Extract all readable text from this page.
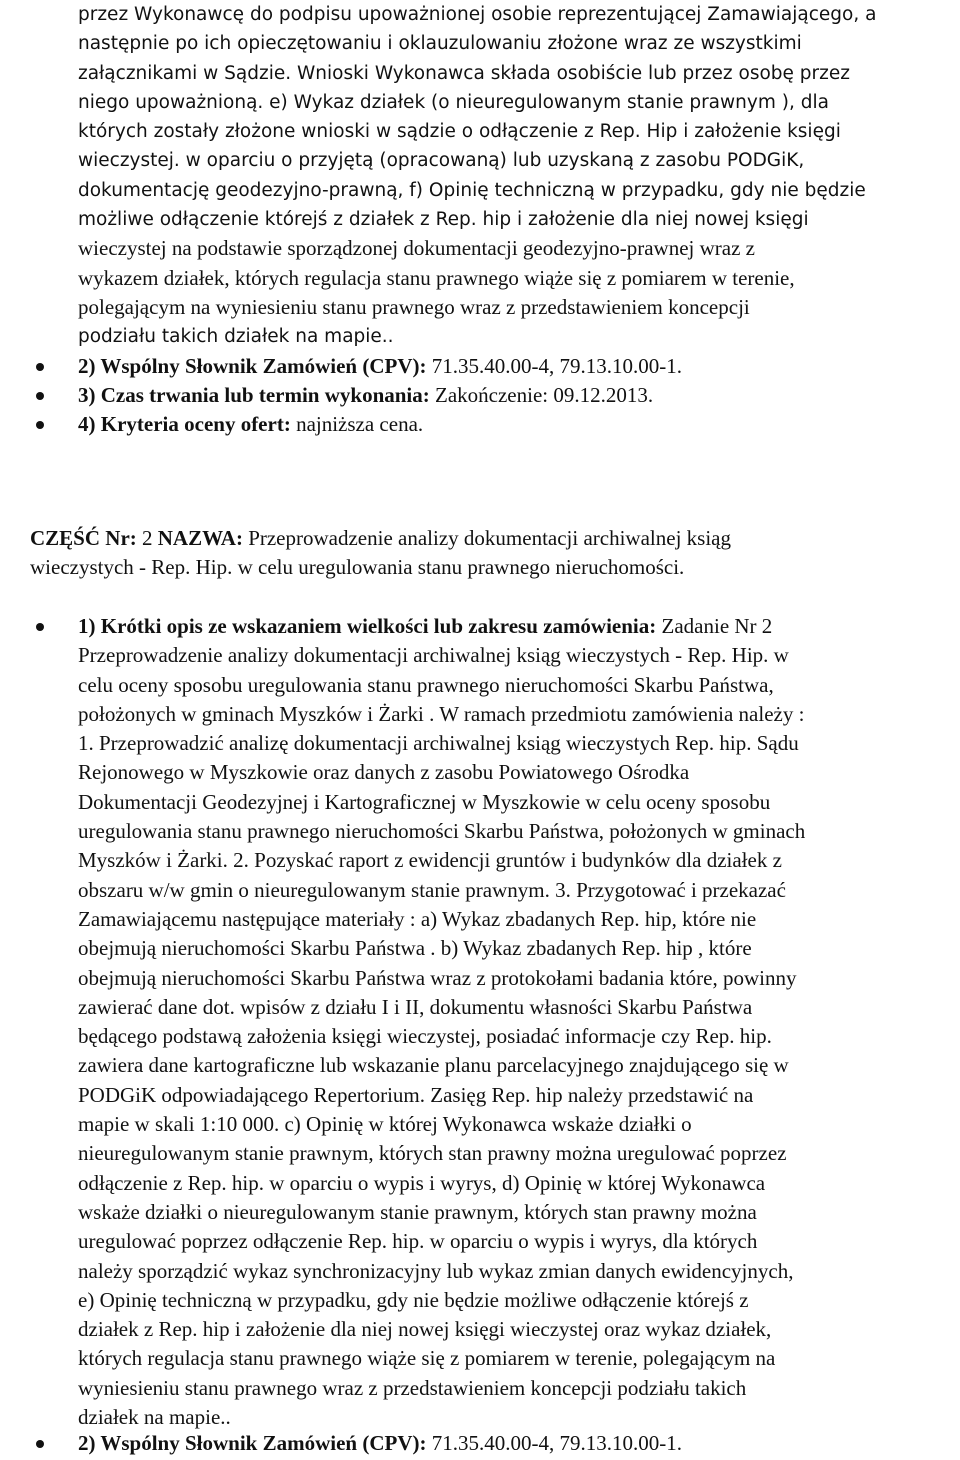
przez Wykonawcę do podpisu upoważnionej osobie reprezentującej Zamawiającego, a
następnie po ich opieczętowaniu i oklauzulowaniu złożone wraz ze wszystkimi
załącznikami w Sądzie. Wnioski Wykonawca składa osobiście lub przez osobę przez
niego upoważnioną. e) Wykaz działek (o nieuregulowanym stanie prawnym ), dla
których zostały złożone wnioski w sądzie o odłączenie z Rep. Hip i założenie księgi
wieczystej. w oparciu o przyjętą (opracowaną) lub uzyskaną z zasobu PODGiK,
dokumentację geodezyjno-prawną, f) Opinię techniczną w przypadku, gdy nie będzie
możliwe odłączenie którejś z działek z Rep. hip i założenie dla niej nowej księgi
wieczystej na podstawie sporządzonej dokumentacji geodezyjno-prawnej wraz z
wykazem działek, których regulacja stanu prawnego wiąże się z pomiarem w terenie,
polegającym na wyniesieniu stanu prawnego wraz z przedstawieniem koncepcji
podziału takich działek na mapie..
2) Wspólny Słownik Zamówień (CPV): 71.35.40.00-4, 79.13.10.00-1.
3) Czas trwania lub termin wykonania: Zakończenie: 09.12.2013.
4) Kryteria oceny ofert: najniższa cena.
CZĘŚĆ Nr: 2 NAZWA: Przeprowadzenie analizy dokumentacji archiwalnej ksiąg
wieczystych - Rep. Hip. w celu uregulowania stanu prawnego nieruchomości.
1) Krótki opis ze wskazaniem wielkości lub zakresu zamówienia: Zadanie Nr 2
Przeprowadzenie analizy dokumentacji archiwalnej ksiąg wieczystych - Rep. Hip. w
celu oceny sposobu uregulowania stanu prawnego nieruchomości Skarbu Państwa,
położonych w gminach Myszków i Żarki . W ramach przedmiotu zamówienia należy :
1. Przeprowadzić analizę dokumentacji archiwalnej ksiąg wieczystych Rep. hip. Sądu
Rejonowego w Myszkowie oraz danych z zasobu Powiatowego Ośrodka
Dokumentacji Geodezyjnej i Kartograficznej w Myszkowie w celu oceny sposobu
uregulowania stanu prawnego nieruchomości Skarbu Państwa, położonych w gminach
Myszków i Żarki. 2. Pozyskać raport z ewidencji gruntów i budynków dla działek z
obszaru w/w gmin o nieuregulowanym stanie prawnym. 3. Przygotować i przekazać
Zamawiającemu następujące materiały : a) Wykaz zbadanych Rep. hip, które nie
obejmują nieruchomości Skarbu Państwa . b) Wykaz zbadanych Rep. hip , które
obejmują nieruchomości Skarbu Państwa wraz z protokołami badania które, powinny
zawierać dane dot. wpisów z działu I i II, dokumentu własności Skarbu Państwa
będącego podstawą założenia księgi wieczystej, posiadać informacje czy Rep. hip.
zawiera dane kartograficzne lub wskazanie planu parcelacyjnego znajdującego się w
PODGiK odpowiadającego Repertorium. Zasięg Rep. hip należy przedstawić na
mapie w skali 1:10 000. c) Opinię w której Wykonawca wskaże działki o
nieuregulowanym stanie prawnym, których stan prawny można uregulować poprzez
odłączenie z Rep. hip. w oparciu o wypis i wyrys, d) Opinię w której Wykonawca
wskaże działki o nieuregulowanym stanie prawnym, których stan prawny można
uregulować poprzez odłączenie Rep. hip. w oparciu o wypis i wyrys, dla których
należy sporządzić wykaz synchronizacyjny lub wykaz zmian danych ewidencyjnych,
e) Opinię techniczną w przypadku, gdy nie będzie możliwe odłączenie którejś z
działek z Rep. hip i założenie dla niej nowej księgi wieczystej oraz wykaz działek,
których regulacja stanu prawnego wiąże się z pomiarem w terenie, polegającym na
wyniesieniu stanu prawnego wraz z przedstawieniem koncepcji podziału takich
działek na mapie..
2) Wspólny Słownik Zamówień (CPV): 71.35.40.00-4, 79.13.10.00-1.
